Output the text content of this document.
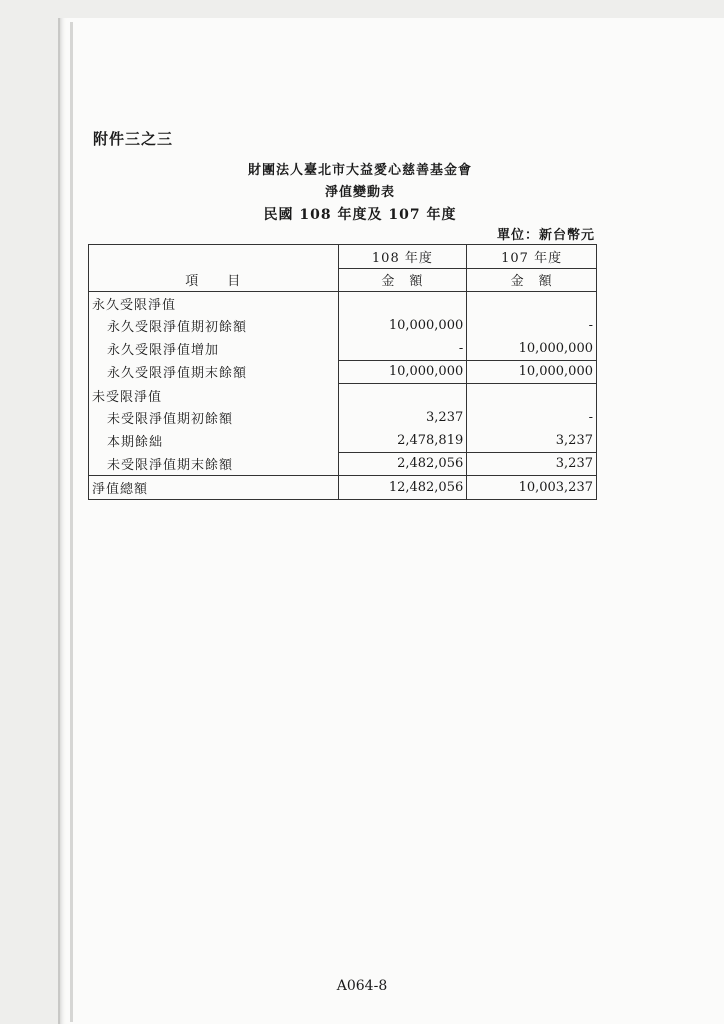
附件三之三
財團法人臺北市大益愛心慈善基金會
淨值變動表
民國 108 年度及 107 年度
單位：新台幣元
	108 年度	107 年度
項　　目	金　額	金　額
永久受限淨值		
永久受限淨值期初餘額	10,000,000	-
永久受限淨值增加	-	10,000,000
永久受限淨值期末餘額	10,000,000	10,000,000
未受限淨值		
未受限淨值期初餘額	3,237	-
本期餘絀	2,478,819	3,237
未受限淨值期末餘額	2,482,056	3,237
淨值總額	12,482,056	10,003,237
A064-8
